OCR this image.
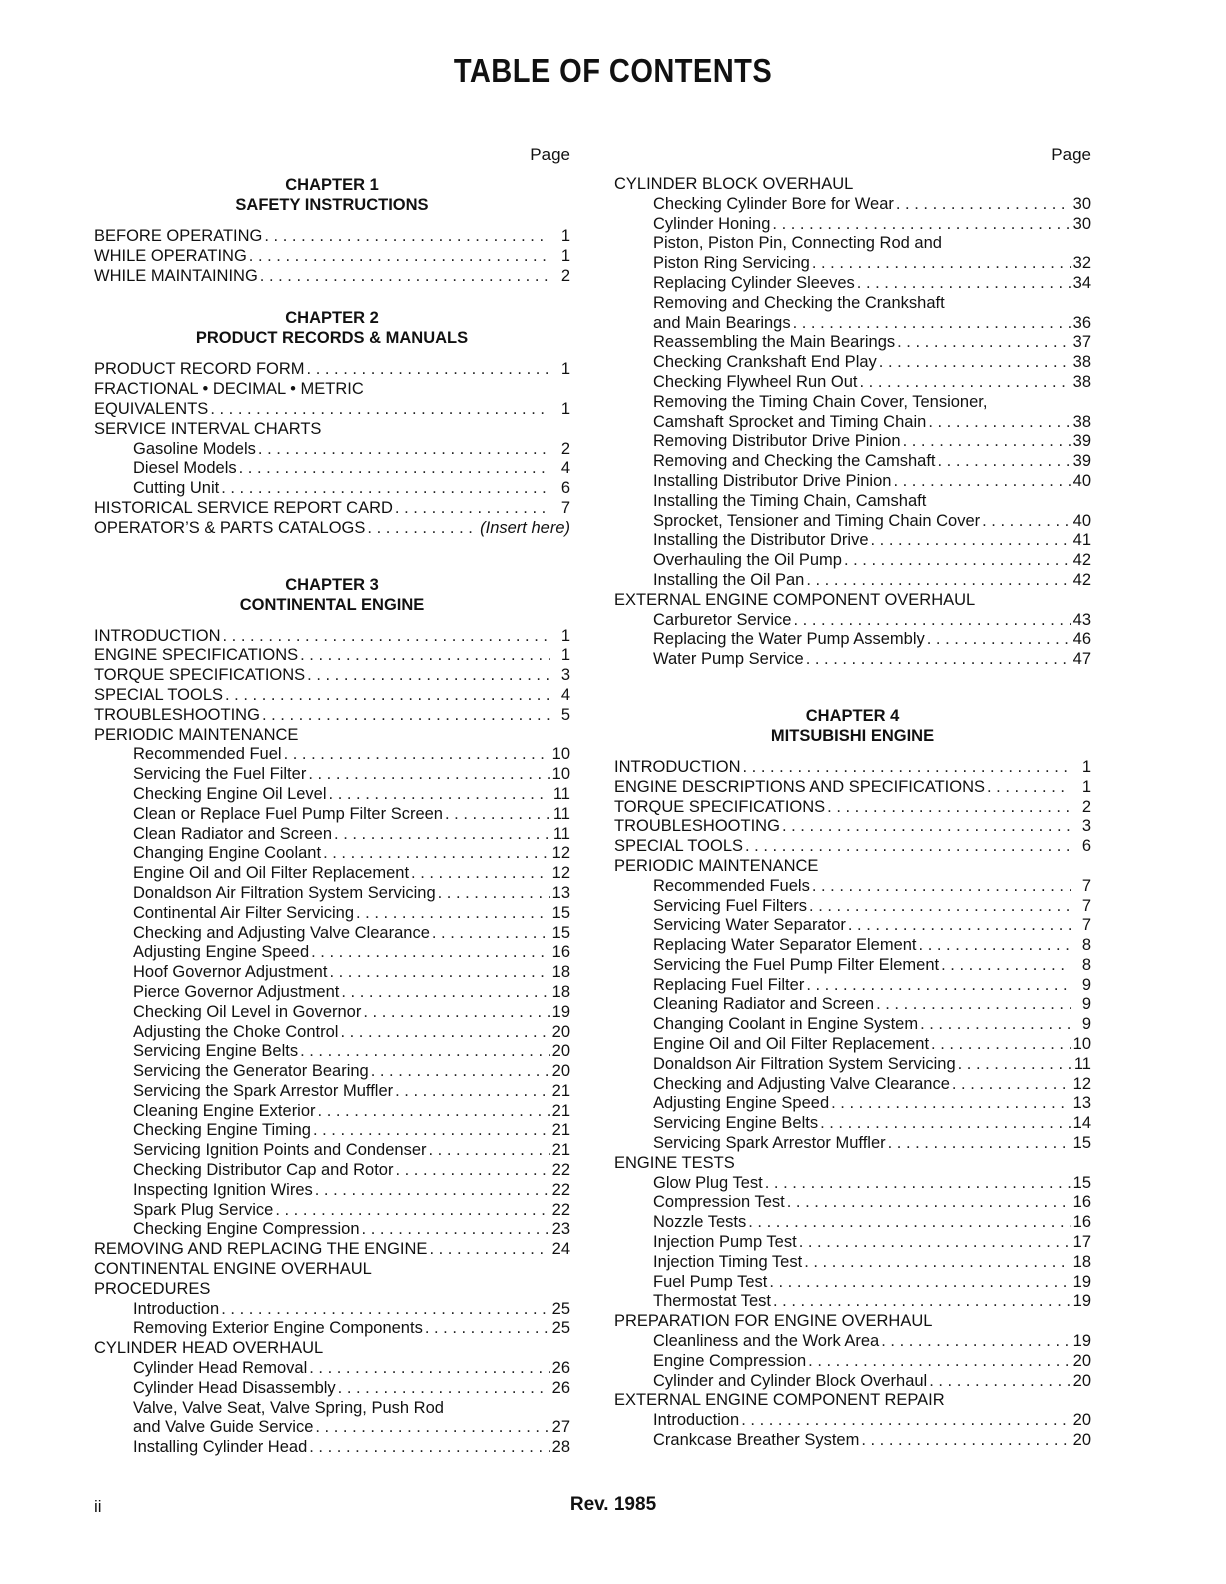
TABLE OF CONTENTS
Page
CHAPTER 1
SAFETY INSTRUCTIONS
BEFORE OPERATING . . .	1
WHILE OPERATING . . .	1
WHILE MAINTAINING . . .	2
CHAPTER 2
PRODUCT RECORDS & MANUALS
PRODUCT RECORD FORM . . .	1
FRACTIONAL • DECIMAL • METRIC
EQUIVALENTS . . .	1
SERVICE INTERVAL CHARTS
Gasoline Models . . .	2
Diesel Models . . .	4
Cutting Unit . . .	6
HISTORICAL SERVICE REPORT CARD . . .	7
OPERATOR’S & PARTS CATALOGS . . .	(Insert here)
CHAPTER 3
CONTINENTAL ENGINE
INTRODUCTION . . .	1
ENGINE SPECIFICATIONS . . .	1
TORQUE SPECIFICATIONS . . .	3
SPECIAL TOOLS . . .	4
TROUBLESHOOTING . . .	5
PERIODIC MAINTENANCE
Recommended Fuel . . .	10
Servicing the Fuel Filter . . .	10
Checking Engine Oil Level . . .	11
Clean or Replace Fuel Pump Filter Screen . . .	11
Clean Radiator and Screen . . .	11
Changing Engine Coolant . . .	12
Engine Oil and Oil Filter Replacement . . .	12
Donaldson Air Filtration System Servicing . . .	13
Continental Air Filter Servicing . . .	15
Checking and Adjusting Valve Clearance . . .	15
Adjusting Engine Speed . . .	16
Hoof Governor Adjustment . . .	18
Pierce Governor Adjustment . . .	18
Checking Oil Level in Governor . . .	19
Adjusting the Choke Control . . .	20
Servicing Engine Belts . . .	20
Servicing the Generator Bearing . . .	20
Servicing the Spark Arrestor Muffler . . .	21
Cleaning Engine Exterior . . .	21
Checking Engine Timing . . .	21
Servicing Ignition Points and Condenser . . .	21
Checking Distributor Cap and Rotor . . .	22
Inspecting Ignition Wires . . .	22
Spark Plug Service . . .	22
Checking Engine Compression . . .	23
REMOVING AND REPLACING THE ENGINE . . .	24
CONTINENTAL ENGINE OVERHAUL
PROCEDURES
Introduction . . .	25
Removing Exterior Engine Components . . .	25
CYLINDER HEAD OVERHAUL
Cylinder Head Removal . . .	26
Cylinder Head Disassembly . . .	26
Valve, Valve Seat, Valve Spring, Push Rod
and Valve Guide Service . . .	27
Installing Cylinder Head . . .	28
Page
CYLINDER BLOCK OVERHAUL
Checking Cylinder Bore for Wear . . .	30
Cylinder Honing . . .	30
Piston, Piston Pin, Connecting Rod and
Piston Ring Servicing . . .	32
Replacing Cylinder Sleeves . . .	34
Removing and Checking the Crankshaft
and Main Bearings . . .	36
Reassembling the Main Bearings . . .	37
Checking Crankshaft End Play . . .	38
Checking Flywheel Run Out . . .	38
Removing the Timing Chain Cover, Tensioner,
Camshaft Sprocket and Timing Chain . . .	38
Removing Distributor Drive Pinion . . .	39
Removing and Checking the Camshaft . . .	39
Installing Distributor Drive Pinion . . .	40
Installing the Timing Chain, Camshaft
Sprocket, Tensioner and Timing Chain Cover . . .	40
Installing the Distributor Drive . . .	41
Overhauling the Oil Pump . . .	42
Installing the Oil Pan . . .	42
EXTERNAL ENGINE COMPONENT OVERHAUL
Carburetor Service . . .	43
Replacing the Water Pump Assembly . . .	46
Water Pump Service . . .	47
CHAPTER 4
MITSUBISHI ENGINE
INTRODUCTION . . .	1
ENGINE DESCRIPTIONS AND SPECIFICATIONS . . .	1
TORQUE SPECIFICATIONS . . .	2
TROUBLESHOOTING . . .	3
SPECIAL TOOLS . . .	6
PERIODIC MAINTENANCE
Recommended Fuels . . .	7
Servicing Fuel Filters . . .	7
Servicing Water Separator . . .	7
Replacing Water Separator Element . . .	8
Servicing the Fuel Pump Filter Element . . .	8
Replacing Fuel Filter . . .	9
Cleaning Radiator and Screen . . .	9
Changing Coolant in Engine System . . .	9
Engine Oil and Oil Filter Replacement . . .	10
Donaldson Air Filtration System Servicing . . .	11
Checking and Adjusting Valve Clearance . . .	12
Adjusting Engine Speed . . .	13
Servicing Engine Belts . . .	14
Servicing Spark Arrestor Muffler . . .	15
ENGINE TESTS
Glow Plug Test . . .	15
Compression Test . . .	16
Nozzle Tests . . .	16
Injection Pump Test . . .	17
Injection Timing Test . . .	18
Fuel Pump Test . . .	19
Thermostat Test . . .	19
PREPARATION FOR ENGINE OVERHAUL
Cleanliness and the Work Area . . .	19
Engine Compression . . .	20
Cylinder and Cylinder Block Overhaul . . .	20
EXTERNAL ENGINE COMPONENT REPAIR
Introduction . . .	20
Crankcase Breather System . . .	20
ii	Rev. 1985
